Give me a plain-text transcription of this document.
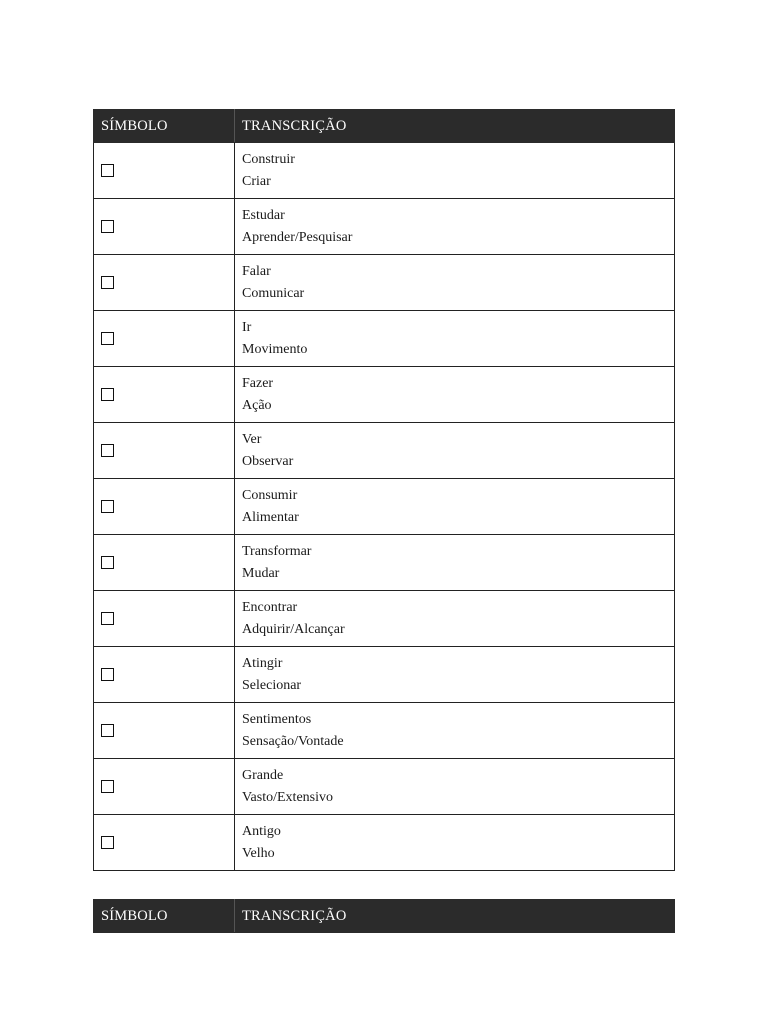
SÍMBOLO	TRANSCRIÇÃO

	Construir
Criar

	Estudar
Aprender/Pesquisar

	Falar
Comunicar

	Ir
Movimento

	Fazer
Ação

	Ver
Observar

	Consumir
Alimentar

	Transformar
Mudar

	Encontrar
Adquirir/Alcançar

	Atingir
Selecionar

	Sentimentos
Sensação/Vontade

	Grande
Vasto/Extensivo

	Antigo
Velho
SÍMBOLO	TRANSCRIÇÃO
